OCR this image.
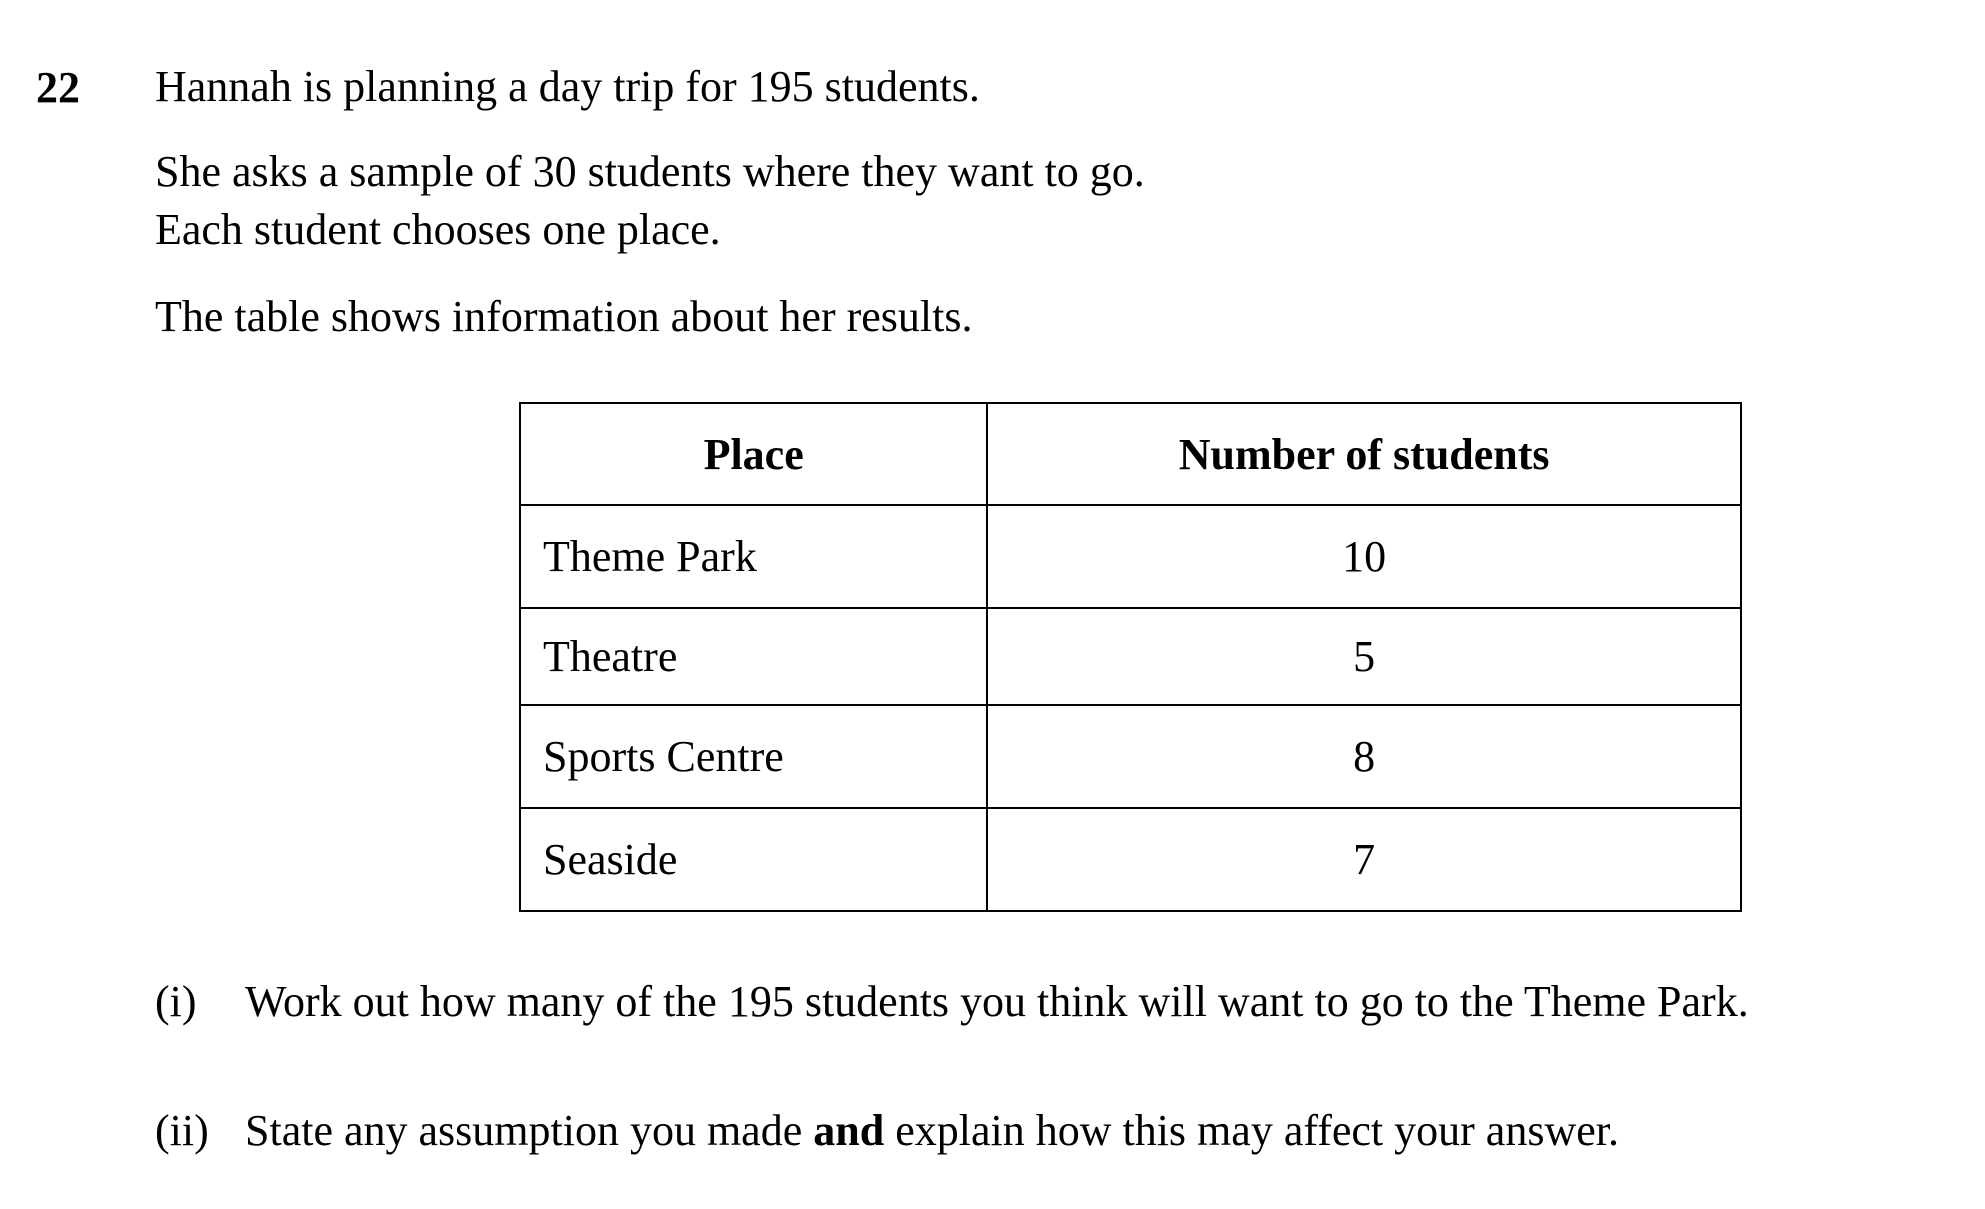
22 Hannah is planning a day trip for 195 students.
She asks a sample of 30 students where they want to go.
Each student chooses one place.
The table shows information about her results.
Place	Number of students
Theme Park	10
Theatre	5
Sports Centre	8
Seaside	7
(i) Work out how many of the 195 students you think will want to go to the Theme Park.
(ii) State any assumption you made and explain how this may affect your answer.
